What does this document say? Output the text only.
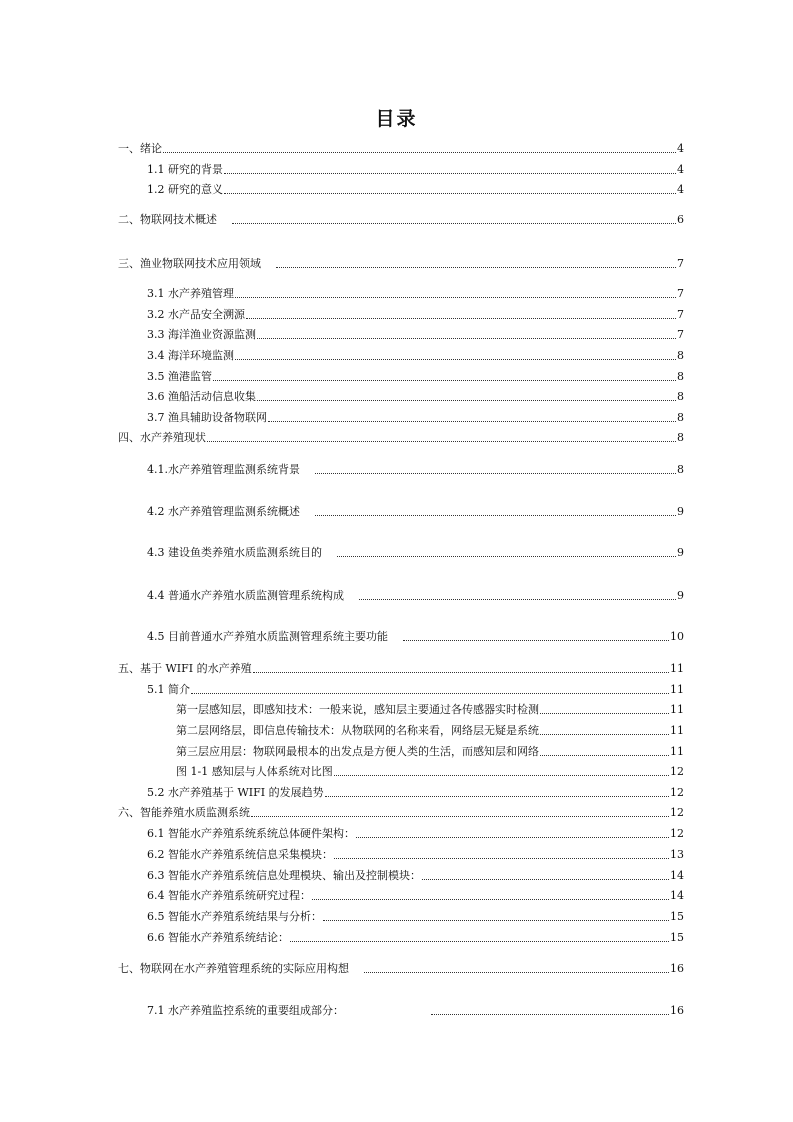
目录
一、绪论	4
1.1 研究的背景	4
1.2 研究的意义	4
二、物联网技术概述	6
三、渔业物联网技术应用领域	7
3.1 水产养殖管理	7
3.2 水产品安全溯源	7
3.3 海洋渔业资源监测	7
3.4 海洋环境监测	8
3.5 渔港监管	8
3.6 渔船活动信息收集	8
3.7 渔具辅助设备物联网	8
四、水产养殖现状	8
4.1.水产养殖管理监测系统背景	8
4.2 水产养殖管理监测系统概述	9
4.3 建设鱼类养殖水质监测系统目的	9
4.4 普通水产养殖水质监测管理系统构成	9
4.5 目前普通水产养殖水质监测管理系统主要功能	10
五、基于 WIFI 的水产养殖	11
5.1 简介	11
第一层感知层，即感知技术：一般来说，感知层主要通过各传感器实时检测	11
第二层网络层，即信息传输技术：从物联网的名称来看，网络层无疑是系统	11
第三层应用层：物联网最根本的出发点是方便人类的生活，而感知层和网络	11
图 1-1 感知层与人体系统对比图	12
5.2 水产养殖基于 WIFI 的发展趋势	12
六、智能养殖水质监测系统	12
6.1 智能水产养殖系统系统总体硬件架构：	12
6.2 智能水产养殖系统信息采集模块：	13
6.3 智能水产养殖系统信息处理模块、输出及控制模块：	14
6.4 智能水产养殖系统研究过程：	14
6.5 智能水产养殖系统结果与分析：	15
6.6 智能水产养殖系统结论：	15
七、物联网在水产养殖管理系统的实际应用构想	16
7.1 水产养殖监控系统的重要组成部分：	16
